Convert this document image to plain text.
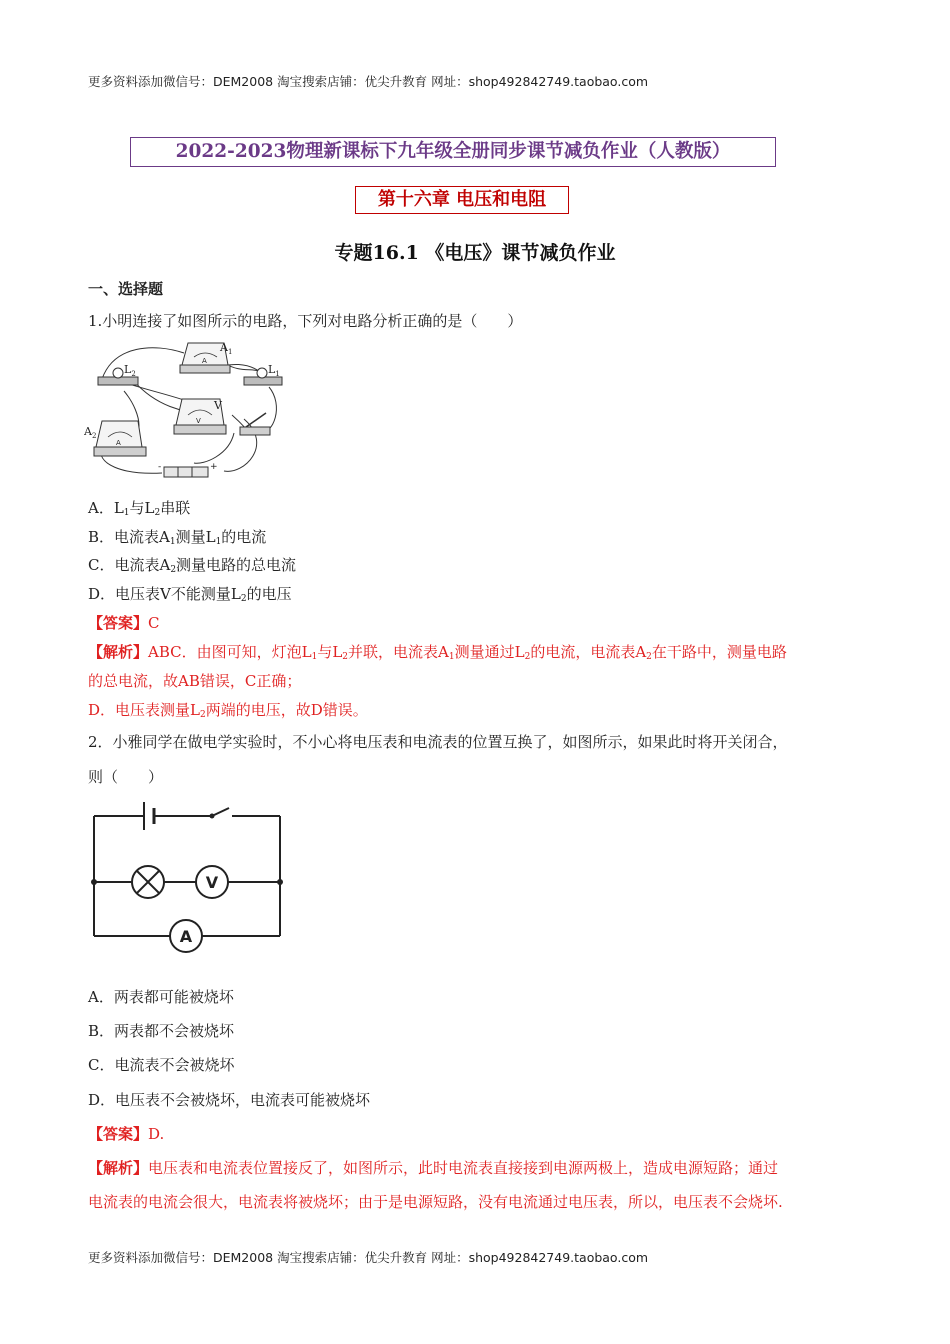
更多资料添加微信号：DEM2008 淘宝搜索店铺：优尖升教育 网址：shop492842749.taobao.com
2022-2023物理新课标下九年级全册同步课节减负作业（人教版）
第十六章 电压和电阻
专题16.1 《电压》课节减负作业
一、选择题
1.小明连接了如图所示的电路，下列对电路分析正确的是（　　）
A
$A_1$
$L_2$	$L_1$
V
V
A
$A_2$
-	+
A．$L_1$与$L_2$串联
B．电流表$A_1$测量$L_1$的电流
C．电流表$A_2$测量电路的总电流
D．电压表V不能测量$L_2$的电压
【答案】C
【解析】ABC．由图可知，灯泡$L_1$与$L_2$并联，电流表$A_1$测量通过$L_2$的电流，电流表$A_2$在干路中，测量电路
的总电流，故AB错误，C正确；
D．电压表测量$L_2$两端的电压，故D错误。
2．小雅同学在做电学实验时，不小心将电压表和电流表的位置互换了，如图所示，如果此时将开关闭合，
则（　　）
V
A
A．两表都可能被烧坏
B．两表都不会被烧坏
C．电流表不会被烧坏
D．电压表不会被烧坏，电流表可能被烧坏
【答案】D.
【解析】电压表和电流表位置接反了，如图所示，此时电流表直接接到电源两极上，造成电源短路；通过
电流表的电流会很大，电流表将被烧坏；由于是电源短路，没有电流通过电压表，所以，电压表不会烧坏.
更多资料添加微信号：DEM2008 淘宝搜索店铺：优尖升教育 网址：shop492842749.taobao.com
